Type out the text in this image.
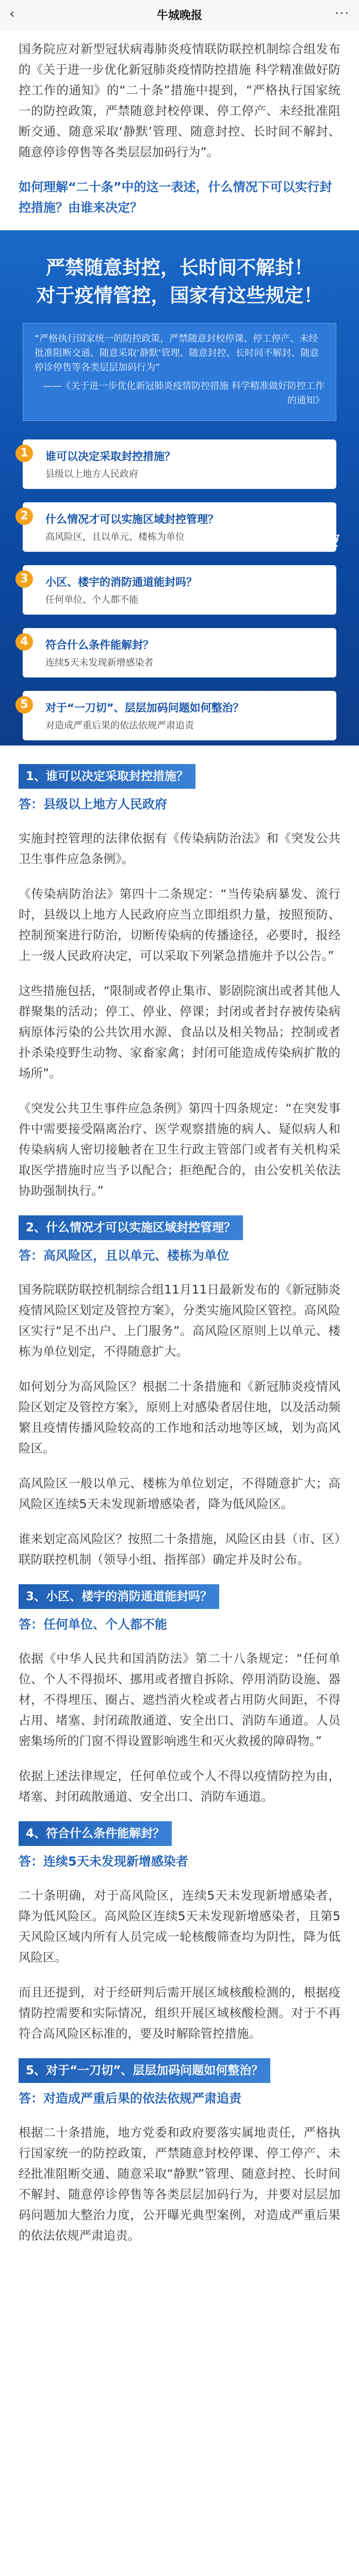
‹	牛城晚报	···

国务院应对新型冠状病毒肺炎疫情联防联控机制综合组发布的《关于进一步优化新冠肺炎疫情防控措施 科学精准做好防控工作的通知》的“二十条”措施中提到，“严格执行国家统一的防控政策，严禁随意封校停课、停工停产、未经批准阻断交通、随意采取‘静默’管理、随意封控、长时间不解封、随意停诊停售等各类层层加码行为”。

如何理解“二十条”中的这一表述，什么情况下可以实行封控措施？由谁来决定？

严禁随意封控，长时间不解封！
对于疫情管控，国家有这些规定！

“严格执行国家统一的防控政策，严禁随意封校停课、停工停产、未经批准阻断交通、随意采取‘静默’管理、随意封控、长时间不解封、随意停诊停售等各类层层加码行为”

——《关于进一步优化新冠肺炎疫情防控措施 科学精准做好防控工作的通知》

1	谁可以决定采取封控措施？
县级以上地方人民政府
2	什么情况才可以实施区域封控管理？
高风险区，且以单元、楼栋为单位
3	小区、楼宇的消防通道能封吗？
任何单位、个人都不能
4	符合什么条件能解封？
连续5天未发现新增感染者
5	对于“一刀切”、层层加码问题如何整治？
对造成严重后果的依法依规严肃追责
人民日报
1、谁可以决定采取封控措施？

答：县级以上地方人民政府

实施封控管理的法律依据有《传染病防治法》和《突发公共卫生事件应急条例》。

《传染病防治法》第四十二条规定：“当传染病暴发、流行时，县级以上地方人民政府应当立即组织力量，按照预防、控制预案进行防治，切断传染病的传播途径，必要时，报经上一级人民政府决定，可以采取下列紧急措施并予以公告。”

这些措施包括，“限制或者停止集市、影剧院演出或者其他人群聚集的活动；停工、停业、停课；封闭或者封存被传染病病原体污染的公共饮用水源、食品以及相关物品；控制或者扑杀染疫野生动物、家畜家禽；封闭可能造成传染病扩散的场所”。

《突发公共卫生事件应急条例》第四十四条规定：“在突发事件中需要接受隔离治疗、医学观察措施的病人、疑似病人和传染病病人密切接触者在卫生行政主管部门或者有关机构采取医学措施时应当予以配合；拒绝配合的，由公安机关依法协助强制执行。”

2、什么情况才可以实施区域封控管理？

答：高风险区，且以单元、楼栋为单位

国务院联防联控机制综合组11月11日最新发布的《新冠肺炎疫情风险区划定及管控方案》，分类实施风险区管控。高风险区实行“足不出户、上门服务”。高风险区原则上以单元、楼栋为单位划定，不得随意扩大。

如何划分为高风险区？根据二十条措施和《新冠肺炎疫情风险区划定及管控方案》，原则上对感染者居住地，以及活动频繁且疫情传播风险较高的工作地和活动地等区域，划为高风险区。

高风险区一般以单元、楼栋为单位划定，不得随意扩大；高风险区连续5天未发现新增感染者，降为低风险区。

谁来划定高风险区？按照二十条措施，风险区由县（市、区）联防联控机制（领导小组、指挥部）确定并及时公布。

3、小区、楼宇的消防通道能封吗？

答：任何单位、个人都不能

依据《中华人民共和国消防法》第二十八条规定：“任何单位、个人不得损坏、挪用或者擅自拆除、停用消防设施、器材，不得埋压、圈占、遮挡消火栓或者占用防火间距，不得占用、堵塞、封闭疏散通道、安全出口、消防车通道。人员密集场所的门窗不得设置影响逃生和灭火救援的障碍物。”

依据上述法律规定，任何单位或个人不得以疫情防控为由，堵塞、封闭疏散通道、安全出口、消防车通道。

4、符合什么条件能解封？

答：连续5天未发现新增感染者

二十条明确，对于高风险区，连续5天未发现新增感染者，降为低风险区。高风险区连续5天未发现新增感染者，且第5天风险区域内所有人员完成一轮核酸筛查均为阴性，降为低风险区。

而且还提到，对于经研判后需开展区域核酸检测的，根据疫情防控需要和实际情况，组织开展区域核酸检测。对于不再符合高风险区标准的，要及时解除管控措施。

5、对于“一刀切”、层层加码问题如何整治？

答：对造成严重后果的依法依规严肃追责

根据二十条措施，地方党委和政府要落实属地责任，严格执行国家统一的防控政策，严禁随意封校停课、停工停产、未经批准阻断交通、随意采取“静默”管理、随意封控、长时间不解封、随意停诊停售等各类层层加码行为，并要对层层加码问题加大整治力度，公开曝光典型案例，对造成严重后果的依法依规严肃追责。
